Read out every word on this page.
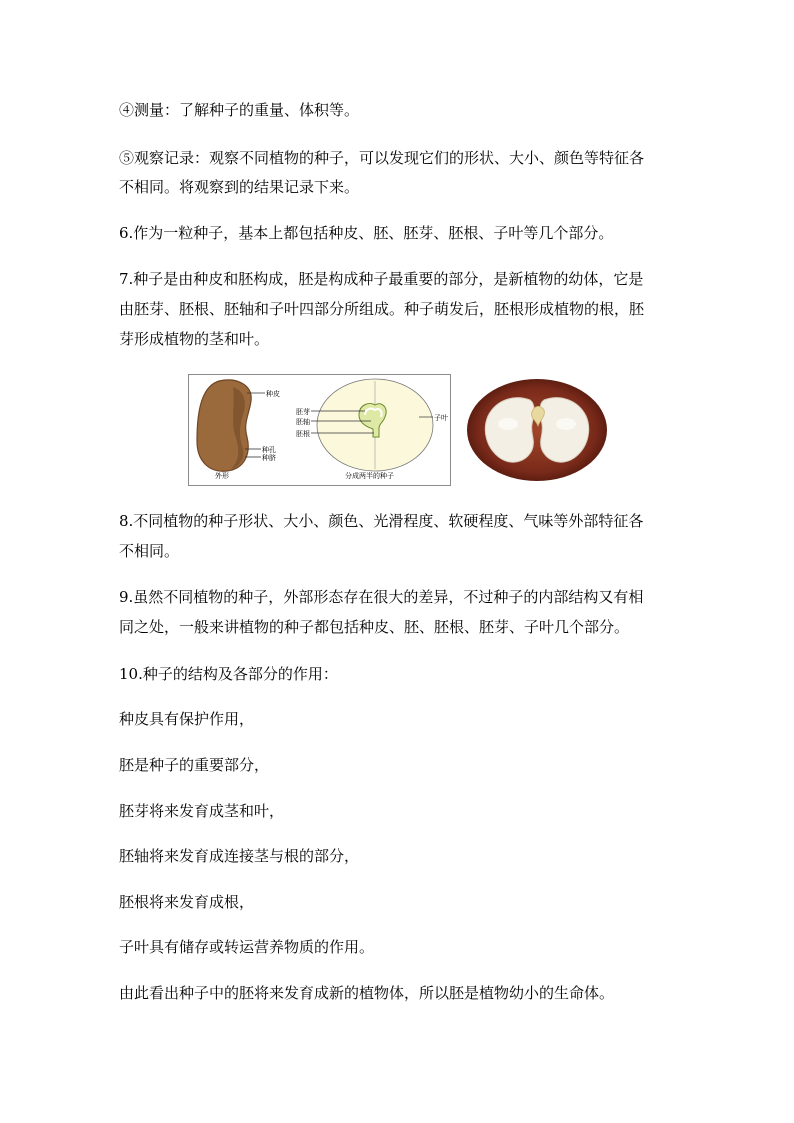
④测量：了解种子的重量、体积等。

⑤观察记录：观察不同植物的种子，可以发现它们的形状、大小、颜色等特征各

不相同。将观察到的结果记录下来。

6.作为一粒种子，基本上都包括种皮、胚、胚芽、胚根、子叶等几个部分。

7.种子是由种皮和胚构成，胚是构成种子最重要的部分，是新植物的幼体，它是

由胚芽、胚根、胚轴和子叶四部分所组成。种子萌发后，胚根形成植物的根，胚

芽形成植物的茎和叶。

种皮
种孔
种脐
外形
胚芽
胚轴
胚根
子叶
分成两半的种子

8.不同植物的种子形状、大小、颜色、光滑程度、软硬程度、气味等外部特征各

不相同。

9.虽然不同植物的种子，外部形态存在很大的差异，不过种子的内部结构又有相

同之处，一般来讲植物的种子都包括种皮、胚、胚根、胚芽、子叶几个部分。

10.种子的结构及各部分的作用：

种皮具有保护作用，

胚是种子的重要部分，

胚芽将来发育成茎和叶，

胚轴将来发育成连接茎与根的部分，

胚根将来发育成根，

子叶具有储存或转运营养物质的作用。

由此看出种子中的胚将来发育成新的植物体，所以胚是植物幼小的生命体。
